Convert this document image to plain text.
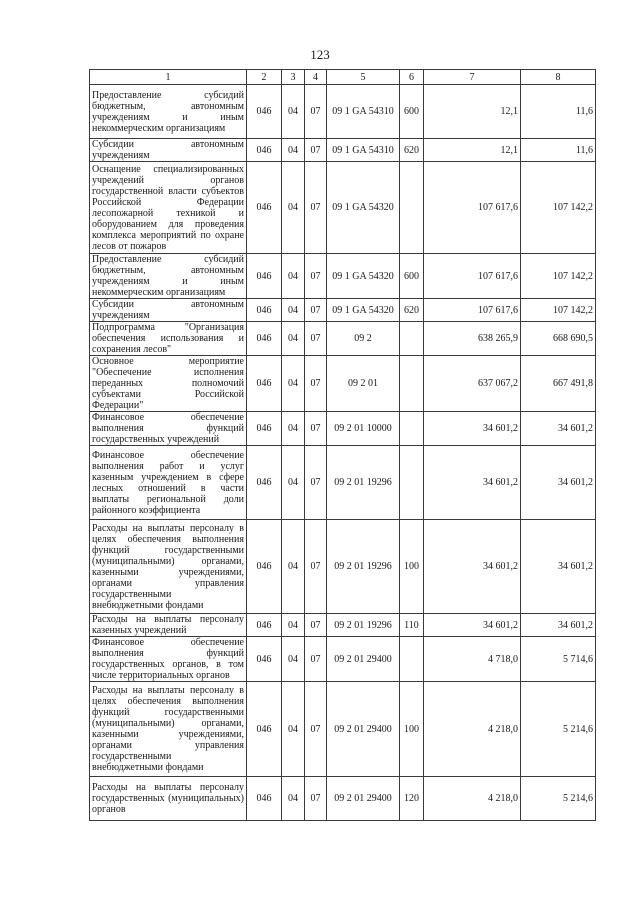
123
1	2	3	4	5	6	7	8
Предоставление субсидий бюджетным, автономным учреждениям и иным некоммерческим организациям	046	04	07	09 1 GA 54310	600	12,1	11,6
Субсидии автономным учреждениям	046	04	07	09 1 GA 54310	620	12,1	11,6
Оснащение специализированных учреждений органов государственной власти субъектов Российской Федерации лесопожарной техникой и оборудованием для проведения комплекса мероприятий по охране лесов от пожаров	046	04	07	09 1 GA 54320		107 617,6	107 142,2
Предоставление субсидий бюджетным, автономным учреждениям и иным некоммерческим организациям	046	04	07	09 1 GA 54320	600	107 617,6	107 142,2
Субсидии автономным учреждениям	046	04	07	09 1 GA 54320	620	107 617,6	107 142,2
Подпрограмма "Организация обеспечения использования и сохранения лесов"	046	04	07	09 2		638 265,9	668 690,5
Основное мероприятие "Обеспечение исполнения переданных полномочий субъектами Российской Федерации"	046	04	07	09 2 01		637 067,2	667 491,8
Финансовое обеспечение выполнения функций государственных учреждений	046	04	07	09 2 01 10000		34 601,2	34 601,2
Финансовое обеспечение выполнения работ и услуг казенным учреждением в сфере лесных отношений в части выплаты региональной доли районного коэффициента	046	04	07	09 2 01 19296		34 601,2	34 601,2
Расходы на выплаты персоналу в целях обеспечения выполнения функций государственными (муниципальными) органами, казенными учреждениями, органами управления государственными внебюджетными фондами	046	04	07	09 2 01 19296	100	34 601,2	34 601,2
Расходы на выплаты персоналу казенных учреждений	046	04	07	09 2 01 19296	110	34 601,2	34 601,2
Финансовое обеспечение выполнения функций государственных органов, в том числе территориальных органов	046	04	07	09 2 01 29400		4 718,0	5 714,6
Расходы на выплаты персоналу в целях обеспечения выполнения функций государственными (муниципальными) органами, казенными учреждениями, органами управления государственными внебюджетными фондами	046	04	07	09 2 01 29400	100	4 218,0	5 214,6
Расходы на выплаты персоналу государственных (муниципальных) органов	046	04	07	09 2 01 29400	120	4 218,0	5 214,6
